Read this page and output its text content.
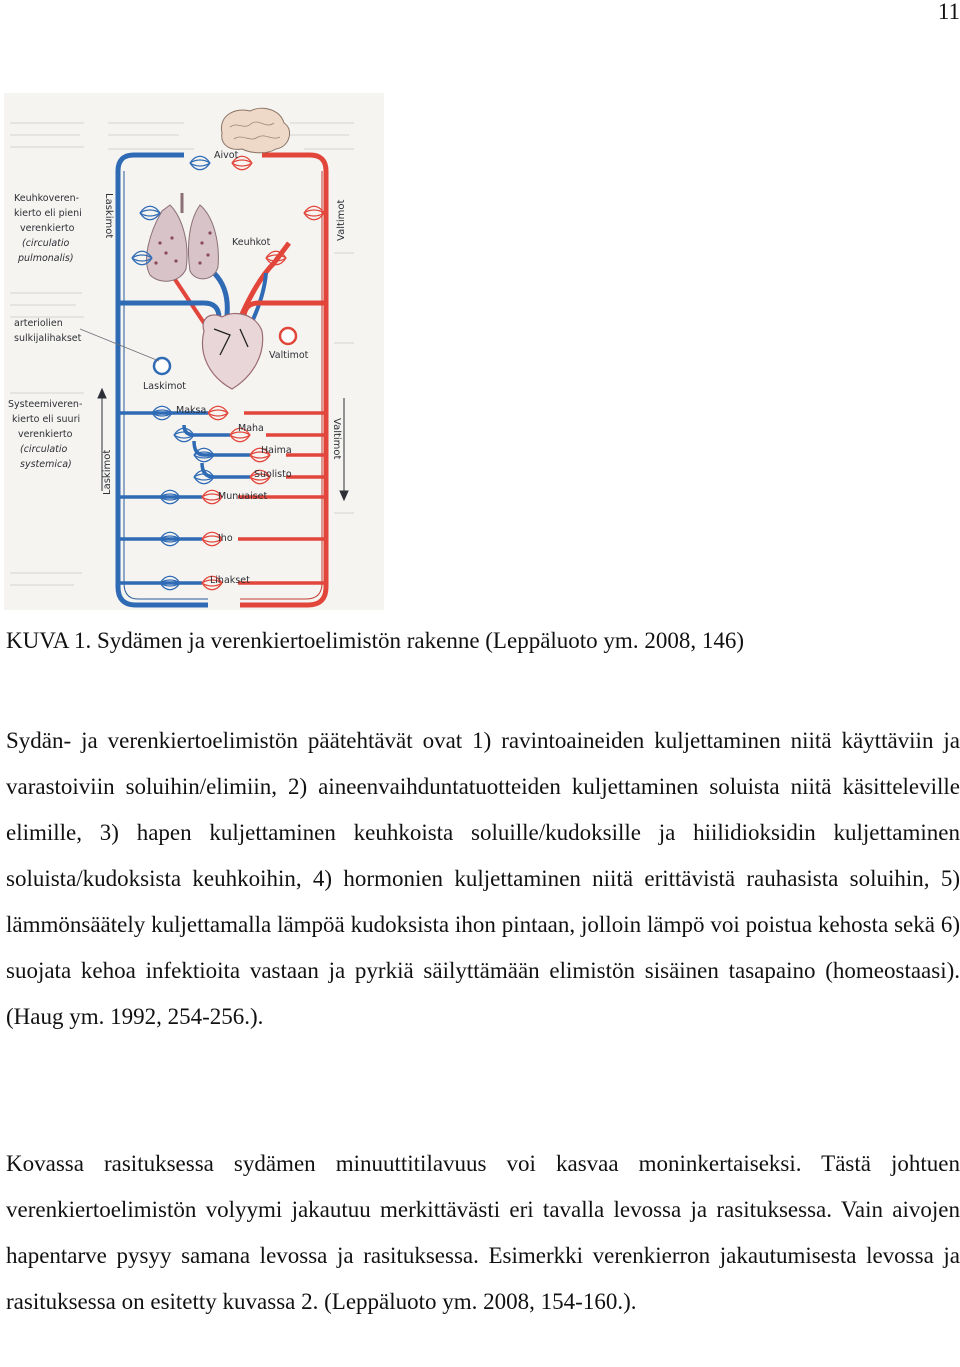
11
Aivot
Keuhkot
Maksa
Maha
Haima
Suolisto
Munuaiset
Iho
Lihakset
Laskimot	Valtimot
Laskimot
Valtimot
Laskimot
Valtimot
Keuhkoveren-
kierto eli pieni
verenkierto
(circulatio
pulmonalis)
arteriolien
sulkijalihakset
Systeemiveren-
kierto eli suuri
verenkierto
(circulatio
systemica)
KUVA 1. Sydämen ja verenkiertoelimistön rakenne (Leppäluoto ym. 2008, 146)

Sydän- ja verenkiertoelimistön päätehtävät ovat 1) ravintoaineiden kuljettaminen niitä käyttäviin ja varastoiviin soluihin/elimiin, 2) aineenvaihduntatuotteiden kuljettaminen soluista niitä käsitteleville elimille, 3) hapen kuljettaminen keuhkoista soluille/kudoksille ja hiilidioksidin kuljettaminen soluista/kudoksista keuhkoihin, 4) hormonien kuljettaminen niitä erittävistä rauhasista soluihin, 5) lämmönsäätely kuljettamalla lämpöä kudoksista ihon pintaan, jolloin lämpö voi poistua kehosta sekä 6) suojata kehoa infektioita vastaan ja pyrkiä säilyttämään elimistön sisäinen tasapaino (homeostaasi). (Haug ym. 1992, 254-256.).

Kovassa rasituksessa sydämen minuuttitilavuus voi kasvaa moninkertaiseksi. Tästä johtuen verenkiertoelimistön volyymi jakautuu merkittävästi eri tavalla levossa ja rasituksessa. Vain aivojen hapentarve pysyy samana levossa ja rasituksessa. Esimerkki verenkierron jakautumisesta levossa ja rasituksessa on esitetty kuvassa 2. (Leppäluoto ym. 2008, 154-160.).
